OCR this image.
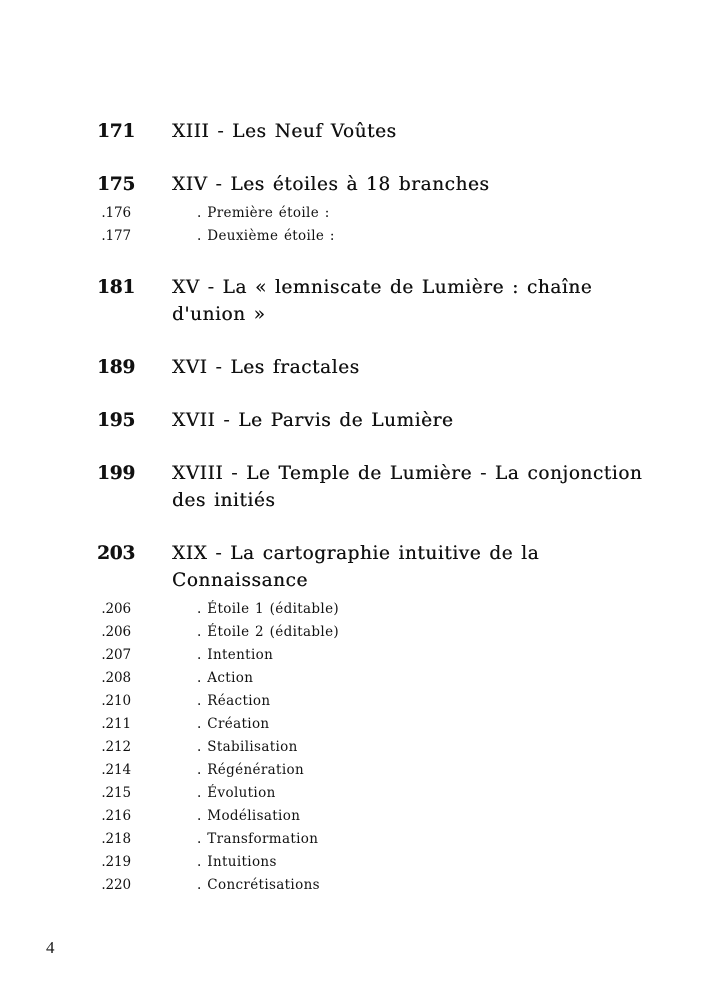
171 XIII - Les Neuf Voûtes
175 XIV - Les étoiles à 18 branches
.176	. Première étoile :
.177	. Deuxième étoile :
181 XV - La « lemniscate de Lumière : chaîne d'union »
189 XVI - Les fractales
195 XVII - Le Parvis de Lumière
199 XVIII - Le Temple de Lumière - La conjonction des initiés
203 XIX - La cartographie intuitive de la Connaissance
.206	. Étoile 1 (éditable)
.206	. Étoile 2 (éditable)
.207	. Intention
.208	. Action
.210	. Réaction
.211	. Création
.212	. Stabilisation
.214	. Régénération
.215	. Évolution
.216	. Modélisation
.218	. Transformation
.219	. Intuitions
.220	. Concrétisations
4
